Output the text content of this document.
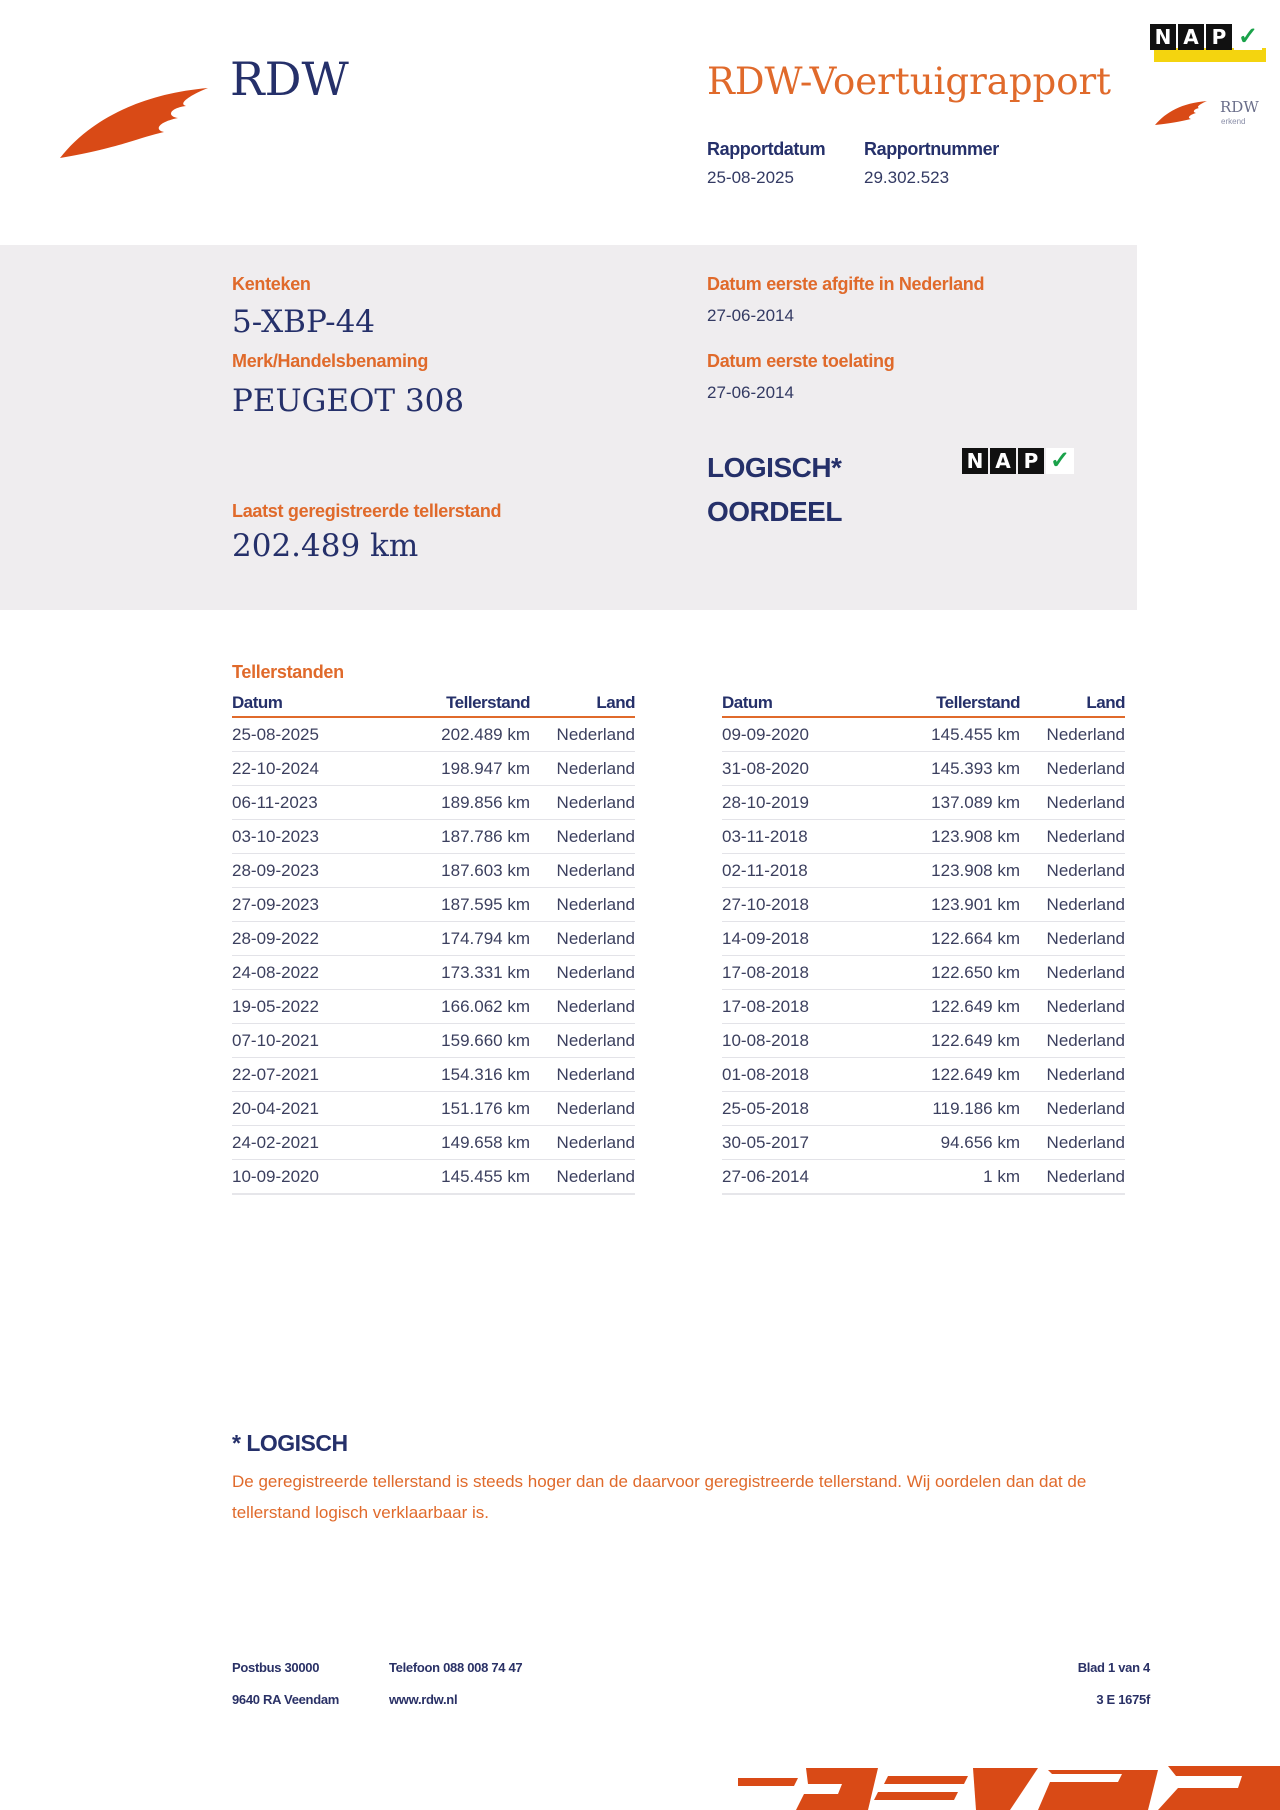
RDW	RDW-Voertuigrapport
Rapportdatum
25-08-2025
Rapportnummer
29.302.523
N A P ✓
RDW
erkend
Kenteken
5-XBP-44
Merk/Handelsbenaming
PEUGEOT 308
Laatst geregistreerde tellerstand
202.489 km
Datum eerste afgifte in Nederland
27-06-2014
Datum eerste toelating
27-06-2014
LOGISCH*
OORDEEL
N A P ✓
Tellerstanden
Datum	Tellerstand	Land
25-08-2025	202.489 km	Nederland
22-10-2024	198.947 km	Nederland
06-11-2023	189.856 km	Nederland
03-10-2023	187.786 km	Nederland
28-09-2023	187.603 km	Nederland
27-09-2023	187.595 km	Nederland
28-09-2022	174.794 km	Nederland
24-08-2022	173.331 km	Nederland
19-05-2022	166.062 km	Nederland
07-10-2021	159.660 km	Nederland
22-07-2021	154.316 km	Nederland
20-04-2021	151.176 km	Nederland
24-02-2021	149.658 km	Nederland
10-09-2020	145.455 km	Nederland
Datum	Tellerstand	Land
09-09-2020	145.455 km	Nederland
31-08-2020	145.393 km	Nederland
28-10-2019	137.089 km	Nederland
03-11-2018	123.908 km	Nederland
02-11-2018	123.908 km	Nederland
27-10-2018	123.901 km	Nederland
14-09-2018	122.664 km	Nederland
17-08-2018	122.650 km	Nederland
17-08-2018	122.649 km	Nederland
10-08-2018	122.649 km	Nederland
01-08-2018	122.649 km	Nederland
25-05-2018	119.186 km	Nederland
30-05-2017	94.656 km	Nederland
27-06-2014	1 km	Nederland
* LOGISCH
De geregistreerde tellerstand is steeds hoger dan de daarvoor geregistreerde tellerstand. Wij oordelen dan dat de tellerstand logisch verklaarbaar is.
Postbus 30000
9640 RA Veendam
Telefoon 088 008 74 47
www.rdw.nl
Blad 1 van 4
3 E 1675f
